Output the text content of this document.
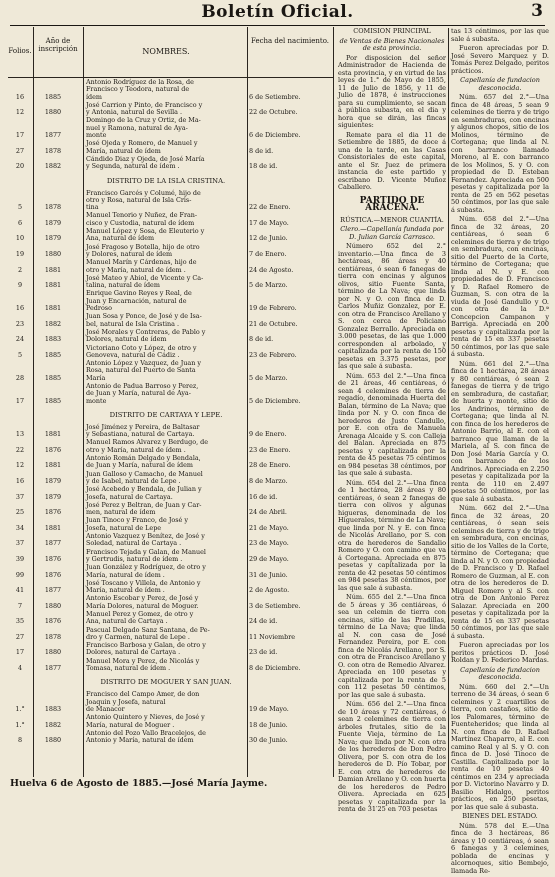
Boletín Oficial.	3
Folios.
Año de inscripción	NOMBRES.
Fecha del nacimiento.
16	1885
Antonio Rodríguez de la Rosa, de
Francisco y Teodora, natural de
ídem	6 de Setiembre.
12	1880
José Carrion y Pinto, de Francisco y
y Antonia, natural de Sevilla .	22 de Octubre.
17	1877
Domingo de la Cruz y Ortiz, de Ma-
nuel y Ramona, natural de Aya-
monte	6 de Diciembre.
27	1878
José Ojeda y Romero, de Manuel y
María, natural de ídem	8 de id.
20	1882
Cándido Diaz y Ojeda, de José María
y Segunda, natural de ídem .	18 de id.
DISTRITO DE LA ISLA CRISTINA.
5	1878
Francisco Garcés y Columé, hijo de
otro y Rosa, natural de Isla Cris-
tina	22 de Enero.
6	1879
Manuel Tenorio y Nuñez, de Fran-
cisco y Custodia, natural de ídem	17 de Mayo.
10	1879
Manuel López y Sosa, de Eleuterio y
Ana, natural de ídem	12 de Junio.
19	1880
José Fragoso y Botella, hijo de otro
y Dolores, natural de ídem	7 de Enero.
2	1881
Manuel Marín y Cárdenas, hijo de
otro y María, natural de ídem .	24 de Agosto.
9	1881
José Mateo y Abiol, de Vicente y Ca-
talina, natural de ídem	5 de Marzo.
16	1881
Enrique Gavino Reyes y Real, de
Juan y Encarnación, natural de
Pedroso	19 de Febrero.
23	1882
Juan Sosa y Ponce, de José y de Isa-
bel, natural de Isla Cristina .	21 de Octubre.
24	1883
José Morales y Contreras, de Pablo y
Dolores, natural de ídem	8 de id.
5	1885
Victoriano Coto y López, de otro y
Genoveva, natural de Cádiz .	23 de Febrero.
28	1885
Antonio López y Vazquez, de Juan y
Rosa, natural del Puerto de Santa
María	5 de Marzo.
17	1885
Antonio de Padua Barroso y Perez,
de Juan y María, natural de Aya-
monte	5 de Diciembre.
DISTRITO DE CARTAYA Y LEPE.
13	1881
José Jiménez y Pereira, de Baltasar
y Sebastiana, natural de Cartaya.	9 de Enero.
22	1876
Manuel Ramos Alvarez y Berdugo, de
otro y María, natural de ídem .	23 de Enero.
12	1881
Antonio Román Delgado y Bendala,
de Juan y María, natural de ídem	28 de Enero.
16	1879
Juan Galloso y Camacho, de Manuel
y de Isabel, natural de Lepe .	8 de Marzo.
37	1879
José Acebedo y Bendala, de Julian y
Josefa, natural de Cartaya.	16 de id.
25	1876
José Perez y Beltran, de Juan y Car-
men, natural de ídem	24 de Abril.
34	1881
Juan Tinoco y Franco, de José y
Josefa, natural de Lepe	21 de Mayo.
37	1877
Antonio Vazquez y Benítez, de José y
Soledad, natural de Cartaya .	23 de Mayo.
39	1876
Francisco Tejada y Galan, de Manuel
y Gertrudis, natural de ídem .	29 de Mayo.
99	1876
Juan González y Rodríguez, de otro y
María, natural de ídem .	31 de Junio.
41	1877
José Toscano y Villela, de Antonio y
María, natural de ídem .	2 de Agosto.
7	1880
Antonio Escobar y Perez, de José y
María Dolores, natural de Moguer.	3 de Setiembre.
35	1876
Manuel Perez y Gomez, de otro y
Ana, natural de Cartaya .	24 de id.
27	1878
Pascual Delgado Sanz Santana, de Pe-
dro y Carmen, natural de Lepe .	11 Noviembre
17	1880
Francisco Barbosa y Galan, de otro y
Dolores, natural de Cartaya .	23 de id.
4	1877
Manuel Mora y Perez, de Nicolás y
Tomasa, natural de ídem .	8 de Diciembre.
DISTRITO DE MOGUER Y SAN JUAN.
1.°	1883
Francisco del Campo Amer, de don
Joaquin y Josefa, natural
de Manacor	19 de Mayo.
1.°	1882
Antonio Quintero y Nieves, de José y
María, natural de Moguer .	18 de Junio.
8	1880
Antonio del Pozo Vallo Bracelejos, de
Antonio y María, natural de ídem	30 de Junio.
Huelva 6 de Agosto de 1885.—José María Jayme.

COMISION PRINCIPAL

de Ventas de Bienes Nacionales de esta provincia.

Por disposicion del señor Administrador de Hacienda de esta provincia, y en virtud de las leyes de 1.° de Mayo de 1855, 11 de Julio de 1856, y 11 de Julio de 1878, é instrucciones para su cumplimiento, se sacan á pública subasta, en el dia y hora que se dirán, las fincas siguientes:

Remate para el dia 11 de Setiembre de 1885, de doce á una de la tarde, en las Casas Consistoriales de este capital, ante el Sr. Juez de primera instancia de este partido y escribano D. Vicente Muñoz Caballero.

PARTIDO DE ARACENA.

RÚSTICA.—MENOR CUANTÍA.

Clero.—Capellanía fundada por D. Julian García Carrasco.

Número 652 del 2.° inventario.—Una finca de 3 hectáreas, 86 áreas y 40 centiáreas, ó sean 6 fanegas de tierra con encinas y algunos olivos, sitio Fuente Santa, término de La Nava; que linda por N. y O. con finca de D. Carlos Muñiz Gonzalez, por E. con otra de Francisco Arellano y S. con cerca de Policiano Gonzalez Berrallo. Apreciada en 3.000 pesetas, de las que 1.000 corresponden al arbolado, y capitalizada por la renta de 150 pesetas en 3.375 pesetas, por las que sale á subasta.

Núm. 653 del 2.°—Una finca de 21 áreas, 46 centiáreas, ó sean 4 celemines de tierra de regadío, denominada Huerta del Balan, término de La Nava; que linda por N. y O. con finca de herederos de Justo Candullo, por E. con otra de Manuela Arenaga Alcaide y S. con Calleja del Balan. Apreciada en 875 pesetas y capitalizada por la renta de 45 pesetas 75 céntimos en 984 pesetas 38 céntimos, por las que sale á subasta.

Núm. 654 del 2.°—Una finca de 1 hectárea, 28 áreas y 80 centiáreas, ó sean 2 fanegas de tierra con olivos y algunas higueras, denominada de los Higuerales, término de La Nava; que linda por N. y E. con finca de Nicolás Arellano, por S. con otra de herederos de Sandalio Romero y O. con camino que va á Cortegana. Apreciada en 875 pesetas y capitalizada por la renta de 42 pesetas 50 céntimos en 984 pesetas 38 céntimos, por las que sale á subasta.

Núm. 655 del 2.°—Una finca de 5 áreas y 36 centiáreas, ó sea un celemin de tierra con encinas, sitio de las Pradillas, término de La Nava; que linda al N. con casa de José Fernandez Pereira, por E. con finca de Nicolás Arellano, por S. con otra de Francisco Arellano y O. con otra de Remedio Alvarez. Apreciada en 100 pesetas y capitalizada por la renta de 5 con 112 pesetas 50 céntimos, por las que sale á subasta.

Núm. 656 del 2.°—Una finca de 10 áreas y 72 centiáreas, ó sean 2 celemines de tierra con árboles frutales, sitio de la Fuente Vieja, término de La Nava; que linda por N. con otra de los herederos de Don Pedro Olivera, por S. con otra de los herederos de D. Pío Tobar, por E. con otra de herederos de Damian Arellano y O. con huerta de los herederos de Pedro Olivera. Apreciada en 625 pesetas y capitalizada por la renta de 31′25 en 703 pesetas

tas 13 céntimos, por las que sale á subasta.

Fueron apreciadas por D. José Severo Marquez y D. Tomás Perez Delgado, peritos prácticos.

Capellanía de fundacion desconocida.

Núm. 657 del 2.°—Una finca de 48 áreas, 5 sean 9 celemines de tierra y de trigo en sembraduras, con encinas y algunos chopos, sitio de los Molinos, término de Cortegana; que linda al N. con barranco llamado Moreno, al E. con barranco de los Molinos, S. y O. con propiedad de D. Esteban Fernandez. Apreciada en 500 pesetas y capitalizada por la renta de 25 en 562 pesetas 50 céntimos, por las que sale á subasta.

Núm. 658 del 2.°—Una finca de 32 áreas, 20 centiáreas, ó sean 6 celemines de tierra y de trigo en sembradura, con encinas, sitio del Puerto de la Corte, término de Cortegana; que linda al N. y E. con propiedades de D. Francisco y D. Rafael Romero de Guzman, S. con otra de la viuda de José Gandullo y O. con otra de la D.ª Concepcion Campanon y Barriga. Apreciada en 200 pesetas y capitalizada por la renta de 15 en 337 pesetas 50 céntimos, por las que sale á subasta.

Núm. 661 del 2.°—Una finca de 1 hectárea, 28 áreas y 80 centiáreas, ó sean 2 fanegas de tierra y de trigo en sembradura, de castañar, de huerta y monte, sitio de los Andrinos, término de Cortegana; que linda al N. con finca de los herederos de Antonio Barrio, al E. con el barranco que llaman de la Mariela, al S. con finca de Don José María García y O. con barranco de los Andrinos. Apreciada en 2.250 pesetas y capitalizada por la renta de 110 en 2.497 pesetas 50 céntimos, por las que sale á subasta.

Núm. 662 del 2.°—Una finca de 32 áreas, 20 centiáreas, ó sean seis celemines de tierra y de trigo en sembradura, con encinas, sitio de los Valles de la Corte, término de Cortegana; que linda al N. y O. con propiedad de D. Francisco y D. Rafael Romero de Guzman, al E. con otra de los herederos de D. Miguel Romero y al S. con otra de Don Antonio Perez Salazar. Apreciada en 200 pesetas y capitalizada por la renta de 15 en 337 pesetas 50 céntimos, por las que sale á subasta.

Fueron apreciadas por los peritos prácticos D. José Roldan y D. Federico Mardas.

Capellanía de fundacion desconocida.

Núm. 660 del 2.°—Un terreno de 34 áreas, ó sean 6 celemines y 2 cuartillos de tierra, con castaños, sitio de los Palomares, término de Fuenteheridos; que linda al N. con finca de D. Rafael Martínez Chaparro, al E. con camino Real y al S. y O. con finca de D. José Tinoco de Castilla. Capitalizada por la renta de 10 pesetas 40 céntimos en 234 y apreciada por D. Victorino Navarro y D. Basilio Hidalgo, peritos prácticos, en 250 pesetas, por las que sale á subasta.

BIENES DEL ESTADO.

Núm. 578 del E.—Una finca de 3 hectáreas, 86 áreas y 10 centiáreas, ó sean 6 fanegas y 3 celemines, poblada de encinas y alcornoques, sitio Bembejo, llamada Re-
